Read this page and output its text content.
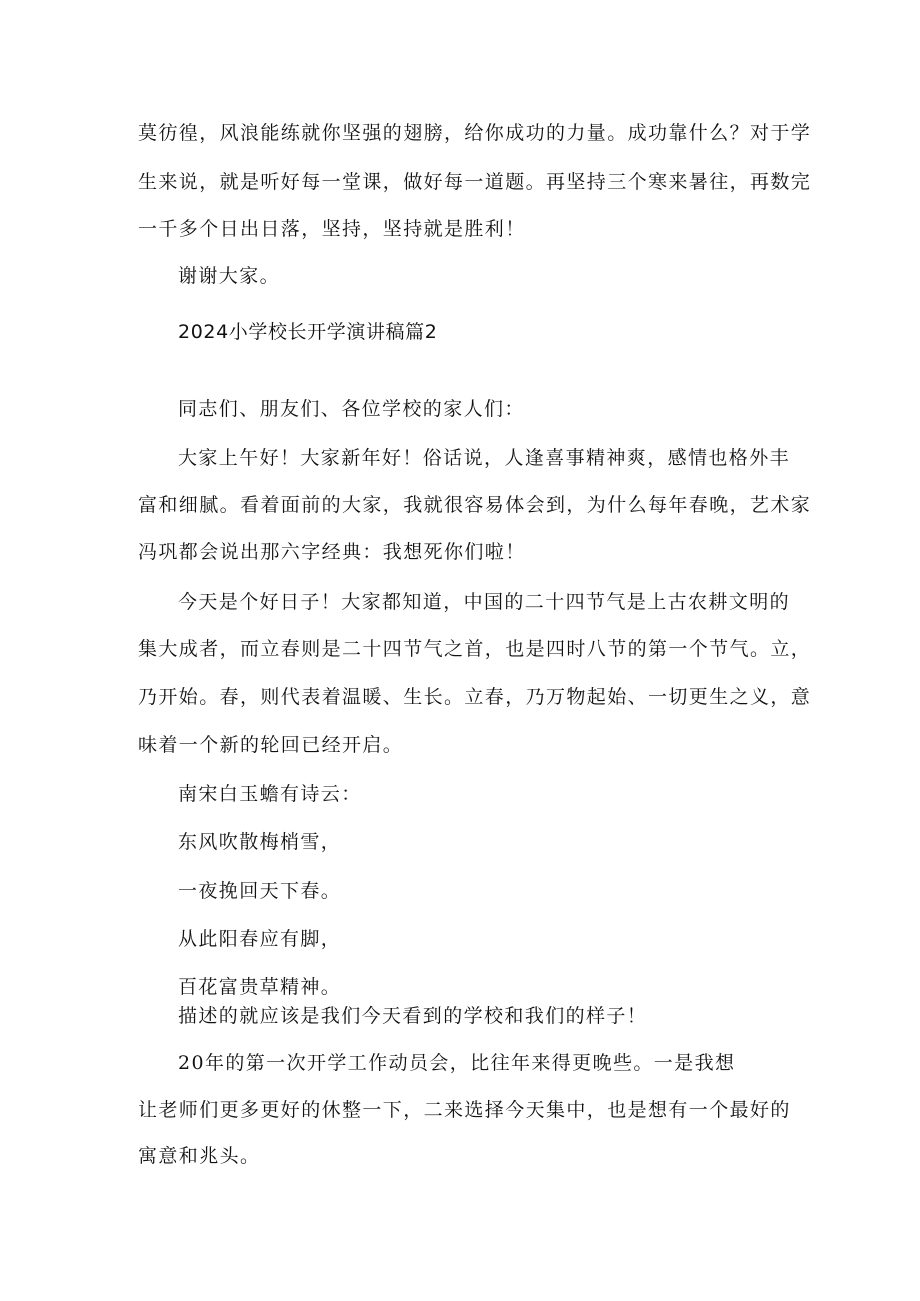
莫彷徨，风浪能练就你坚强的翅膀，给你成功的力量。成功靠什么？对于学
生来说，就是听好每一堂课，做好每一道题。再坚持三个寒来暑往，再数完
一千多个日出日落，坚持，坚持就是胜利！
谢谢大家。
2024小学校长开学演讲稿篇2
同志们、朋友们、各位学校的家人们：
大家上午好！大家新年好！俗话说，人逢喜事精神爽，感情也格外丰
富和细腻。看着面前的大家，我就很容易体会到，为什么每年春晚，艺术家
冯巩都会说出那六字经典：我想死你们啦！
今天是个好日子！大家都知道，中国的二十四节气是上古农耕文明的
集大成者，而立春则是二十四节气之首，也是四时八节的第一个节气。立，
乃开始。春，则代表着温暖、生长。立春，乃万物起始、一切更生之义，意
味着一个新的轮回已经开启。
南宋白玉蟾有诗云：
东风吹散梅梢雪，
一夜挽回天下春。
从此阳春应有脚，
百花富贵草精神。
描述的就应该是我们今天看到的学校和我们的样子！
20年的第一次开学工作动员会，比往年来得更晚些。一是我想
让老师们更多更好的休整一下，二来选择今天集中，也是想有一个最好的
寓意和兆头。
